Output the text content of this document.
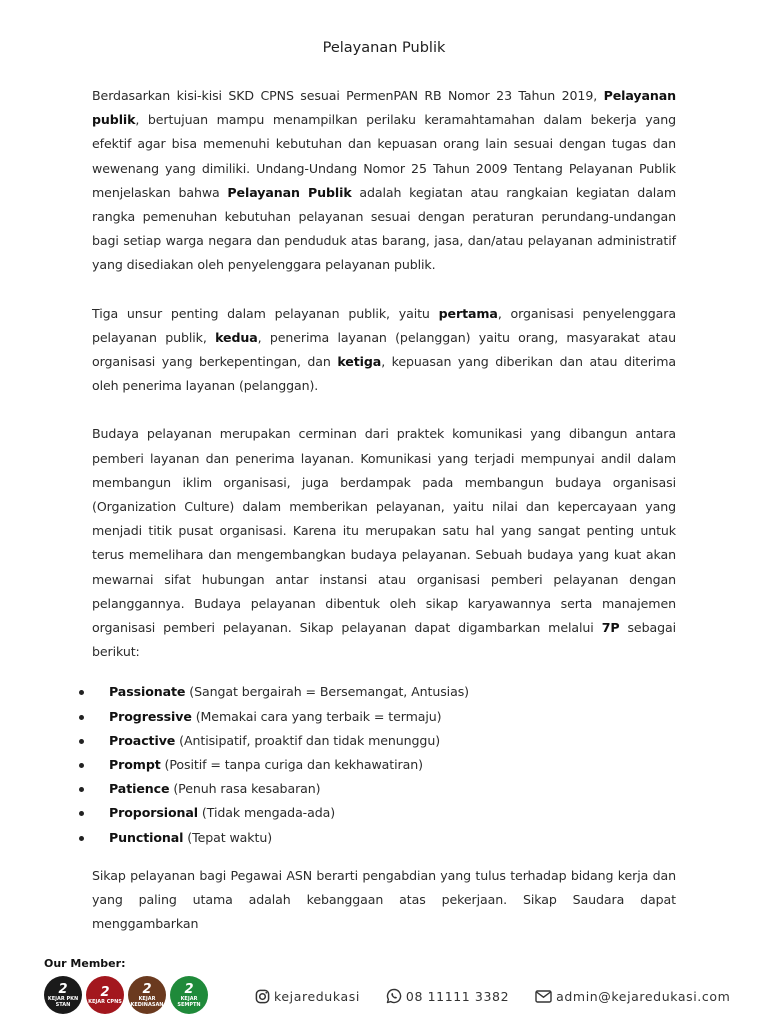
Pelayanan Publik

Berdasarkan kisi-kisi SKD CPNS sesuai PermenPAN RB Nomor 23 Tahun 2019, Pelayanan publik, bertujuan mampu menampilkan perilaku keramahtamahan dalam bekerja yang efektif agar bisa memenuhi kebutuhan dan kepuasan orang lain sesuai dengan tugas dan wewenang yang dimiliki. Undang-Undang Nomor 25 Tahun 2009 Tentang Pelayanan Publik menjelaskan bahwa Pelayanan Publik adalah kegiatan atau rangkaian kegiatan dalam rangka pemenuhan kebutuhan pelayanan sesuai dengan peraturan perundang-undangan bagi setiap warga negara dan penduduk atas barang, jasa, dan/atau pelayanan administratif yang disediakan oleh penyelenggara pelayanan publik.

Tiga unsur penting dalam pelayanan publik, yaitu pertama, organisasi penyelenggara pelayanan publik, kedua, penerima layanan (pelanggan) yaitu orang, masyarakat atau organisasi yang berkepentingan, dan ketiga, kepuasan yang diberikan dan atau diterima oleh penerima layanan (pelanggan).

Budaya pelayanan merupakan cerminan dari praktek komunikasi yang dibangun antara pemberi layanan dan penerima layanan. Komunikasi yang terjadi mempunyai andil dalam membangun iklim organisasi, juga berdampak pada membangun budaya organisasi (Organization Culture) dalam memberikan pelayanan, yaitu nilai dan kepercayaan yang menjadi titik pusat organisasi. Karena itu merupakan satu hal yang sangat penting untuk terus memelihara dan mengembangkan budaya pelayanan. Sebuah budaya yang kuat akan mewarnai sifat hubungan antar instansi atau organisasi pemberi pelayanan dengan pelanggannya. Budaya pelayanan dibentuk oleh sikap karyawannya serta manajemen organisasi pemberi pelayanan. Sikap pelayanan dapat digambarkan melalui 7P sebagai berikut:

Passionate (Sangat bergairah = Bersemangat, Antusias)
Progressive (Memakai cara yang terbaik = termaju)
Proactive (Antisipatif, proaktif dan tidak menunggu)
Prompt (Positif = tanpa curiga dan kekhawatiran)
Patience (Penuh rasa kesabaran)
Proporsional (Tidak mengada-ada)
Punctional (Tepat waktu)

Sikap pelayanan bagi Pegawai ASN berarti pengabdian yang tulus terhadap bidang kerja dan yang paling utama adalah kebanggaan atas pekerjaan. Sikap Saudara dapat menggambarkan

Our Member:
2
KEJAR PKN STAN
2
KEJAR CPNS
2
KEJAR KEDINASAN
2
KEJAR SEMPTN
kejaredukasi	08 11111 3382	admin@kejaredukasi.com
